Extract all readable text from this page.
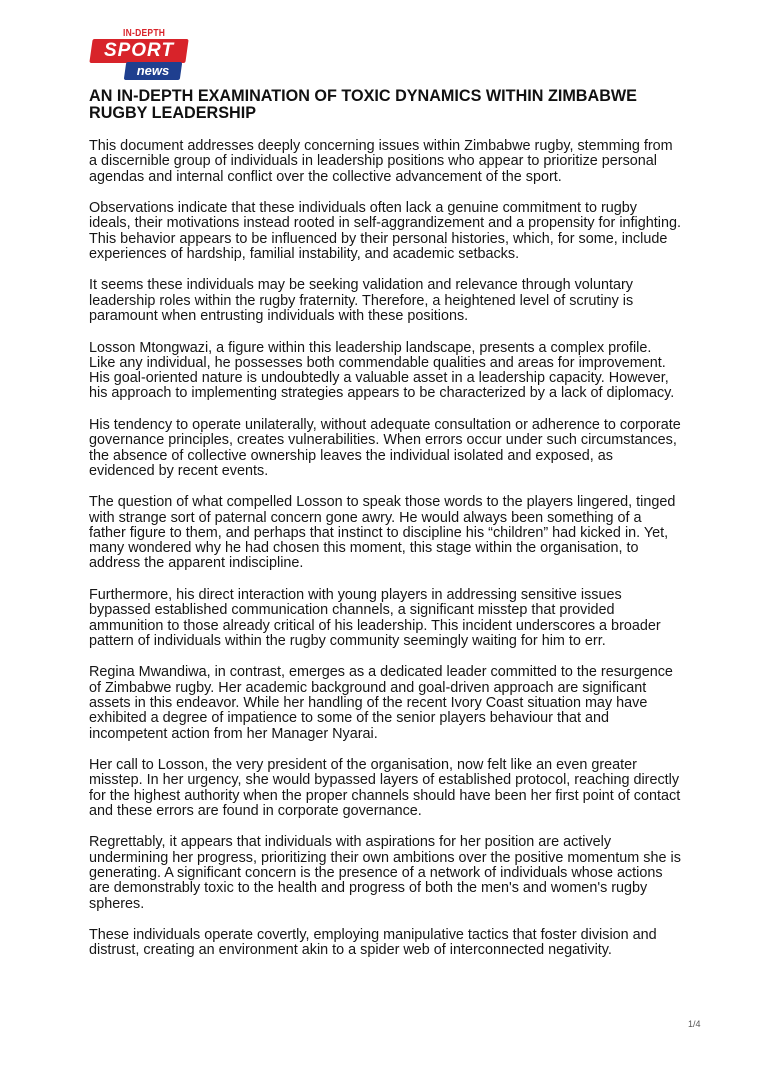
IN-DEPTH
SPORT
news
AN IN-DEPTH EXAMINATION OF TOXIC DYNAMICS WITHIN ZIMBABWE RUGBY LEADERSHIP

This document addresses deeply concerning issues within Zimbabwe rugby, stemming from a discernible group of individuals in leadership positions who appear to prioritize personal agendas and internal conflict over the collective advancement of the sport.

Observations indicate that these individuals often lack a genuine commitment to rugby ideals, their motivations instead rooted in self-aggrandizement and a propensity for infighting. This behavior appears to be influenced by their personal histories, which, for some, include experiences of hardship, familial instability, and academic setbacks.

It seems these individuals may be seeking validation and relevance through voluntary leadership roles within the rugby fraternity. Therefore, a heightened level of scrutiny is paramount when entrusting individuals with these positions.

Losson Mtongwazi, a figure within this leadership landscape, presents a complex profile. Like any individual, he possesses both commendable qualities and areas for improvement. His goal-oriented nature is undoubtedly a valuable asset in a leadership capacity. However, his approach to implementing strategies appears to be characterized by a lack of diplomacy.

His tendency to operate unilaterally, without adequate consultation or adherence to corporate governance principles, creates vulnerabilities. When errors occur under such circumstances, the absence of collective ownership leaves the individual isolated and exposed, as evidenced by recent events.

The question of what compelled Losson to speak those words to the players lingered, tinged with strange sort of paternal concern gone awry. He would always been something of a father figure to them, and perhaps that instinct to discipline his “children” had kicked in. Yet, many wondered why he had chosen this moment, this stage within the organisation, to address the apparent indiscipline.

Furthermore, his direct interaction with young players in addressing sensitive issues bypassed established communication channels, a significant misstep that provided ammunition to those already critical of his leadership. This incident underscores a broader pattern of individuals within the rugby community seemingly waiting for him to err.

Regina Mwandiwa, in contrast, emerges as a dedicated leader committed to the resurgence of Zimbabwe rugby. Her academic background and goal-driven approach are significant assets in this endeavor. While her handling of the recent Ivory Coast situation may have exhibited a degree of impatience to some of the senior players behaviour that and incompetent action from her Manager Nyarai.

Her call to Losson, the very president of the organisation, now felt like an even greater misstep. In her urgency, she would bypassed layers of established protocol, reaching directly for the highest authority when the proper channels should have been her first point of contact and these errors are found in corporate governance.

Regrettably, it appears that individuals with aspirations for her position are actively undermining her progress, prioritizing their own ambitions over the positive momentum she is generating. A significant concern is the presence of a network of individuals whose actions are demonstrably toxic to the health and progress of both the men's and women's rugby spheres.

These individuals operate covertly, employing manipulative tactics that foster division and distrust, creating an environment akin to a spider web of interconnected negativity.

1/4
